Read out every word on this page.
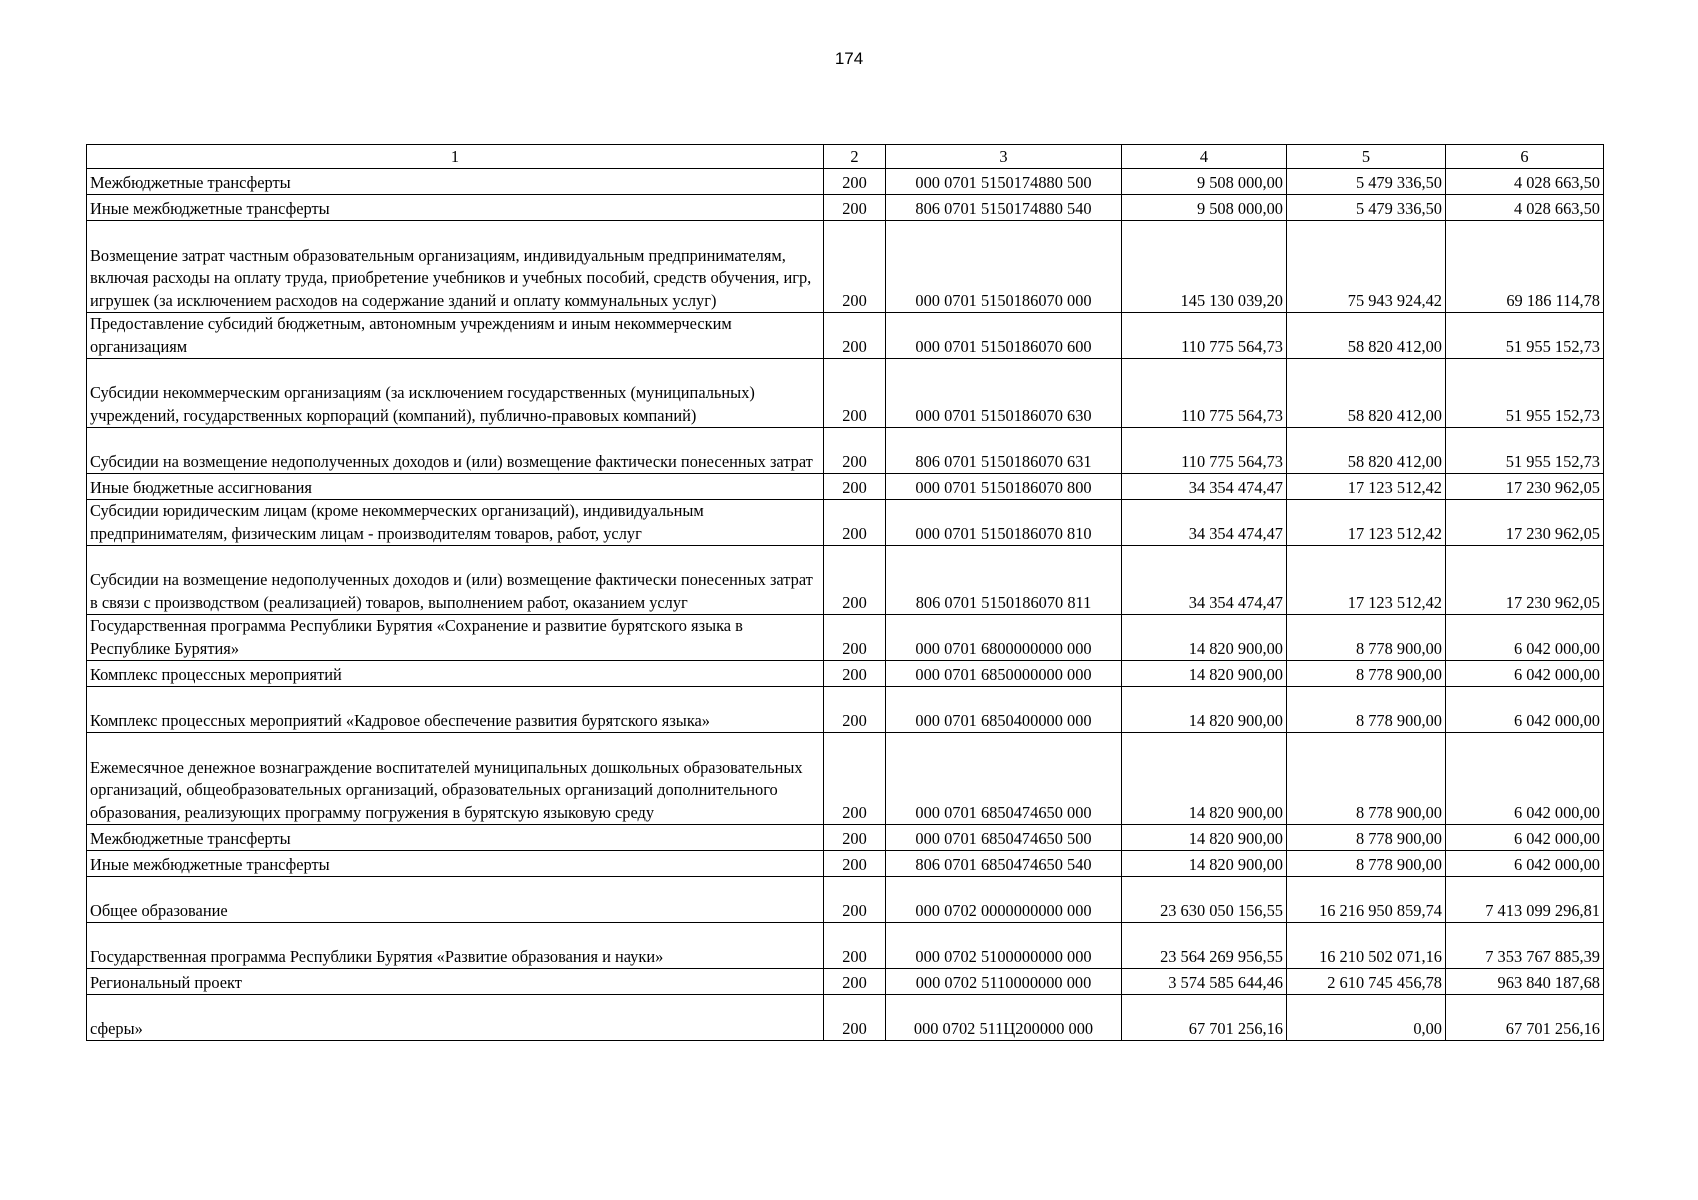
174
1	2	3	4	5	6
Межбюджетные трансферты	200	000 0701 5150174880 500	9 508 000,00	5 479 336,50	4 028 663,50
Иные межбюджетные трансферты	200	806 0701 5150174880 540	9 508 000,00	5 479 336,50	4 028 663,50
Возмещение затрат частным образовательным организациям, индивидуальным предпринимателям, включая расходы на оплату труда, приобретение учебников и учебных пособий, средств обучения, игр, игрушек (за исключением расходов на содержание зданий и оплату коммунальных услуг)	200	000 0701 5150186070 000	145 130 039,20	75 943 924,42	69 186 114,78
Предоставление субсидий бюджетным, автономным учреждениям и иным некоммерческим организациям	200	000 0701 5150186070 600	110 775 564,73	58 820 412,00	51 955 152,73
Субсидии некоммерческим организациям (за исключением государственных (муниципальных) учреждений, государственных корпораций (компаний), публично-правовых компаний)	200	000 0701 5150186070 630	110 775 564,73	58 820 412,00	51 955 152,73
Субсидии на возмещение недополученных доходов и (или) возмещение фактически понесенных затрат	200	806 0701 5150186070 631	110 775 564,73	58 820 412,00	51 955 152,73
Иные бюджетные ассигнования	200	000 0701 5150186070 800	34 354 474,47	17 123 512,42	17 230 962,05
Субсидии юридическим лицам (кроме некоммерческих организаций), индивидуальным предпринимателям, физическим лицам - производителям товаров, работ, услуг	200	000 0701 5150186070 810	34 354 474,47	17 123 512,42	17 230 962,05
Субсидии на возмещение недополученных доходов и (или) возмещение фактически понесенных затрат в связи с производством (реализацией) товаров, выполнением работ, оказанием услуг	200	806 0701 5150186070 811	34 354 474,47	17 123 512,42	17 230 962,05
Государственная программа Республики Бурятия «Сохранение и развитие бурятского языка в Республике Бурятия»	200	000 0701 6800000000 000	14 820 900,00	8 778 900,00	6 042 000,00
Комплекс процессных мероприятий	200	000 0701 6850000000 000	14 820 900,00	8 778 900,00	6 042 000,00
Комплекс процессных мероприятий «Кадровое обеспечение развития бурятского языка»	200	000 0701 6850400000 000	14 820 900,00	8 778 900,00	6 042 000,00
Ежемесячное денежное вознаграждение воспитателей муниципальных дошкольных образовательных организаций, общеобразовательных организаций, образовательных организаций дополнительного образования, реализующих программу погружения в бурятскую языковую среду	200	000 0701 6850474650 000	14 820 900,00	8 778 900,00	6 042 000,00
Межбюджетные трансферты	200	000 0701 6850474650 500	14 820 900,00	8 778 900,00	6 042 000,00
Иные межбюджетные трансферты	200	806 0701 6850474650 540	14 820 900,00	8 778 900,00	6 042 000,00
Общее образование	200	000 0702 0000000000 000	23 630 050 156,55	16 216 950 859,74	7 413 099 296,81
Государственная программа Республики Бурятия «Развитие образования и науки»	200	000 0702 5100000000 000	23 564 269 956,55	16 210 502 071,16	7 353 767 885,39
Региональный проект	200	000 0702 5110000000 000	3 574 585 644,46	2 610 745 456,78	963 840 187,68
сферы»	200	000 0702 511Ц200000 000	67 701 256,16	0,00	67 701 256,16
